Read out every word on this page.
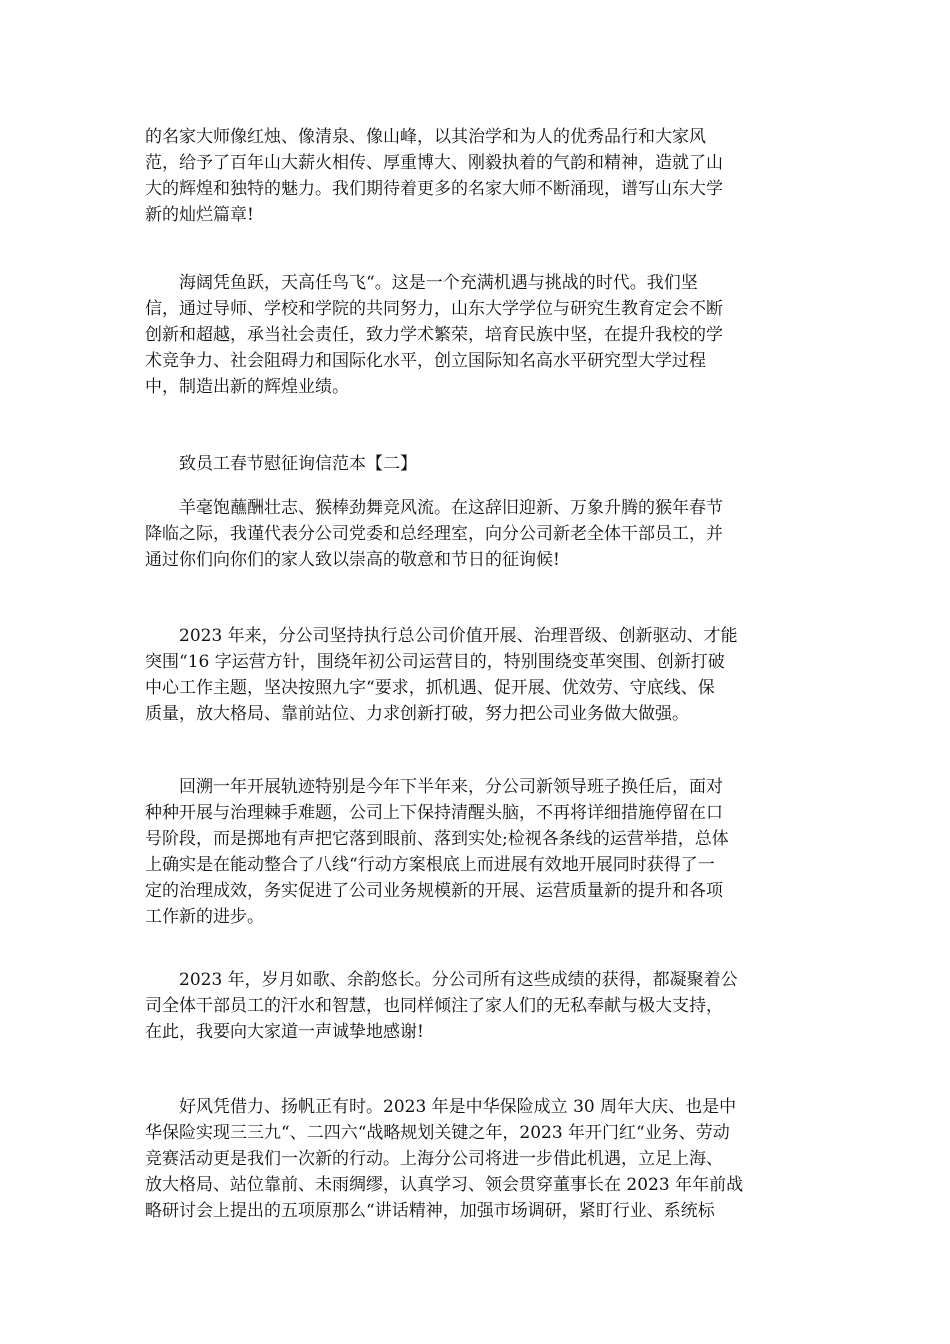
的名家大师像红烛、像清泉、像山峰，以其治学和为人的优秀品行和大家风
范，给予了百年山大薪火相传、厚重博大、刚毅执着的气韵和精神，造就了山
大的辉煌和独特的魅力。我们期待着更多的名家大师不断涌现，谱写山东大学
新的灿烂篇章!

　　海阔凭鱼跃，天高任鸟飞“。这是一个充满机遇与挑战的时代。我们坚
信，通过导师、学校和学院的共同努力，山东大学学位与研究生教育定会不断
创新和超越，承当社会责任，致力学术繁荣，培育民族中坚，在提升我校的学
术竞争力、社会阻碍力和国际化水平，创立国际知名高水平研究型大学过程
中，制造出新的辉煌业绩。

　　致员工春节慰征询信范本【二】

　　羊毫饱蘸酬壮志、猴棒劲舞竞风流。在这辞旧迎新、万象升腾的猴年春节
降临之际，我谨代表分公司党委和总经理室，向分公司新老全体干部员工，并
通过你们向你们的家人致以崇高的敬意和节日的征询候!

　　2023 年来，分公司坚持执行总公司价值开展、治理晋级、创新驱动、才能
突围“16 字运营方针，围绕年初公司运营目的，特别围绕变革突围、创新打破
中心工作主题，坚决按照九字“要求，抓机遇、促开展、优效劳、守底线、保
质量，放大格局、靠前站位、力求创新打破，努力把公司业务做大做强。

　　回溯一年开展轨迹特别是今年下半年来，分公司新领导班子换任后，面对
种种开展与治理棘手难题，公司上下保持清醒头脑，不再将详细措施停留在口
号阶段，而是掷地有声把它落到眼前、落到实处;检视各条线的运营举措，总体
上确实是在能动整合了八线“行动方案根底上而进展有效地开展同时获得了一
定的治理成效，务实促进了公司业务规模新的开展、运营质量新的提升和各项
工作新的进步。

　　2023 年，岁月如歌、余韵悠长。分公司所有这些成绩的获得，都凝聚着公
司全体干部员工的汗水和智慧，也同样倾注了家人们的无私奉献与极大支持，
在此，我要向大家道一声诚挚地感谢!

　　好风凭借力、扬帆正有时。2023 年是中华保险成立 30 周年大庆、也是中
华保险实现三三九“、二四六“战略规划关键之年，2023 年开门红“业务、劳动
竞赛活动更是我们一次新的行动。上海分公司将进一步借此机遇，立足上海、
放大格局、站位靠前、未雨绸缪，认真学习、领会贯穿董事长在 2023 年年前战
略研讨会上提出的五项原那么“讲话精神，加强市场调研，紧盯行业、系统标
